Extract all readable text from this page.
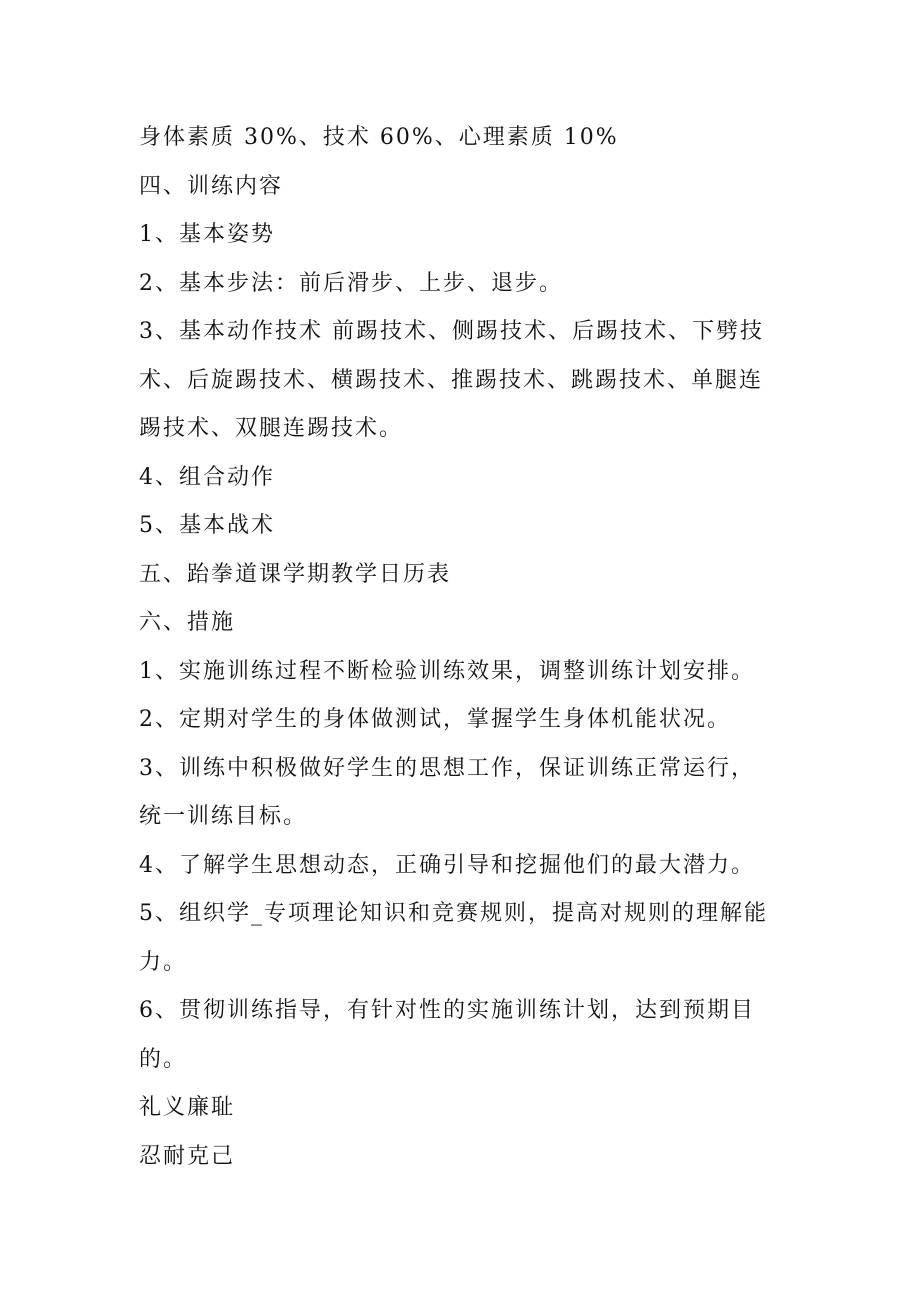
身体素质 30%、技术 60%、心理素质 10%
四、训练内容
1、基本姿势
2、基本步法：前后滑步、上步、退步。
3、基本动作技术 前踢技术、侧踢技术、后踢技术、下劈技
术、后旋踢技术、横踢技术、推踢技术、跳踢技术、单腿连
踢技术、双腿连踢技术。
4、组合动作
5、基本战术
五、跆拳道课学期教学日历表
六、措施
1、实施训练过程不断检验训练效果，调整训练计划安排。
2、定期对学生的身体做测试，掌握学生身体机能状况。
3、训练中积极做好学生的思想工作，保证训练正常运行，
统一训练目标。
4、了解学生思想动态，正确引导和挖掘他们的最大潜力。
5、组织学_专项理论知识和竞赛规则，提高对规则的理解能
力。
6、贯彻训练指导，有针对性的实施训练计划，达到预期目
的。
礼义廉耻
忍耐克己
